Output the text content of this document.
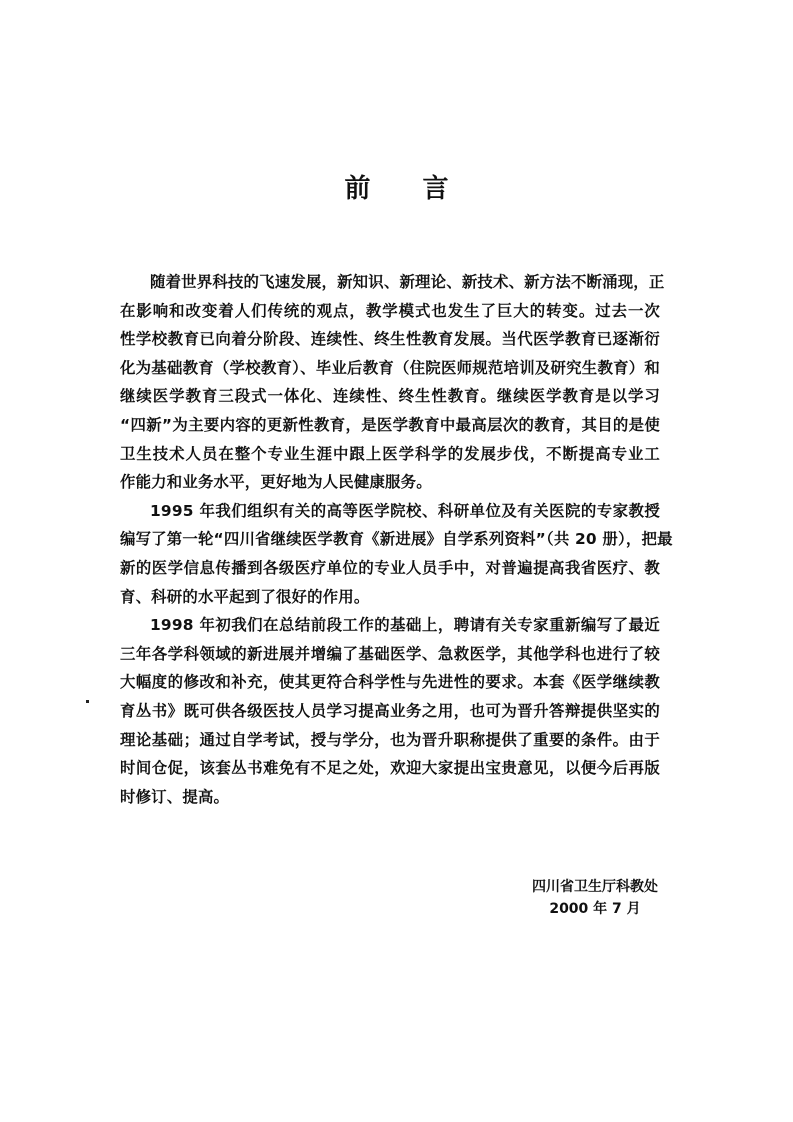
前 言
随着世界科技的飞速发展，新知识、新理论、新技术、新方法不断涌现，正
在影响和改变着人们传统的观点，教学模式也发生了巨大的转变。过去一次
性学校教育已向着分阶段、连续性、终生性教育发展。当代医学教育已逐渐衍
化为基础教育（学校教育）、毕业后教育（住院医师规范培训及研究生教育）和
继续医学教育三段式一体化、连续性、终生性教育。继续医学教育是以学习
“四新”为主要内容的更新性教育，是医学教育中最高层次的教育，其目的是使
卫生技术人员在整个专业生涯中跟上医学科学的发展步伐，不断提高专业工
作能力和业务水平，更好地为人民健康服务。
1995 年我们组织有关的高等医学院校、科研单位及有关医院的专家教授
编写了第一轮“四川省继续医学教育《新进展》自学系列资料”（共 20 册），把最
新的医学信息传播到各级医疗单位的专业人员手中，对普遍提高我省医疗、教
育、科研的水平起到了很好的作用。
1998 年初我们在总结前段工作的基础上，聘请有关专家重新编写了最近
三年各学科领域的新进展并增编了基础医学、急救医学，其他学科也进行了较
大幅度的修改和补充，使其更符合科学性与先进性的要求。本套《医学继续教
育丛书》既可供各级医技人员学习提高业务之用，也可为晋升答辩提供坚实的
理论基础；通过自学考试，授与学分，也为晋升职称提供了重要的条件。由于
时间仓促，该套丛书难免有不足之处，欢迎大家提出宝贵意见，以便今后再版
时修订、提高。
四川省卫生厅科教处
2000 年 7 月
